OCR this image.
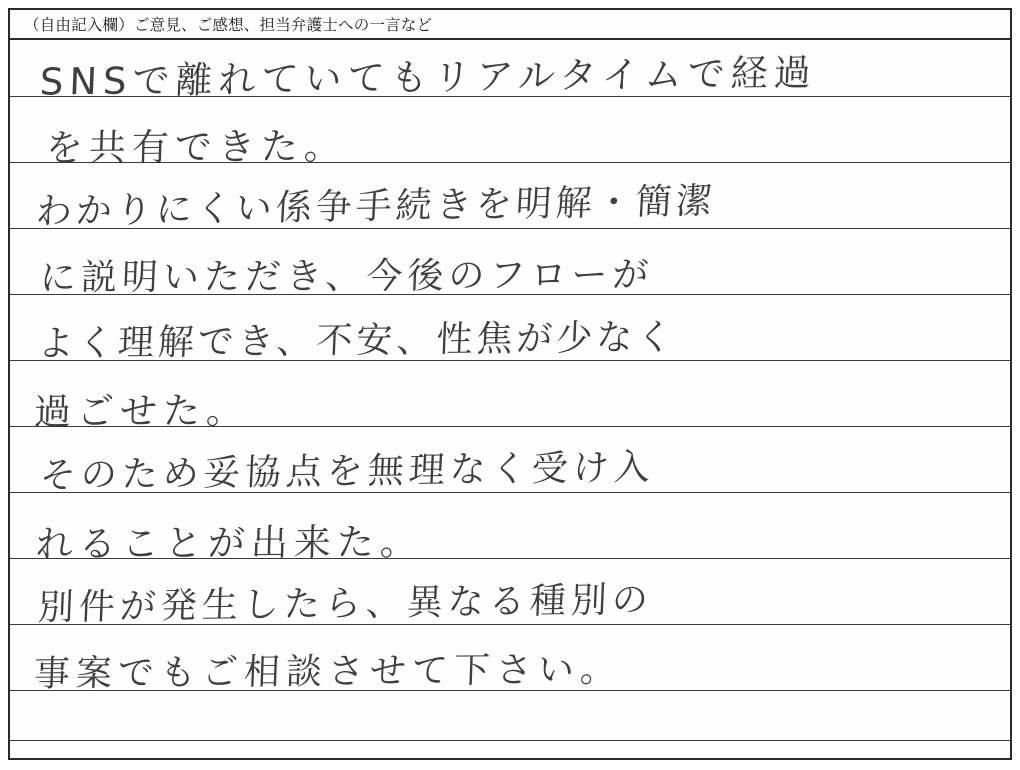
（自由記入欄）ご意見、ご感想、担当弁護士への一言など
SNSで離れていてもリアルタイムで経過
を共有できた。
わかりにくい係争手続きを明解・簡潔
に説明いただき、今後のフローが
よく理解でき、不安、性焦が少なく
過ごせた。
そのため妥協点を無理なく受け入
れることが出来た。
別件が発生したら、異なる種別の
事案でもご相談させて下さい。
